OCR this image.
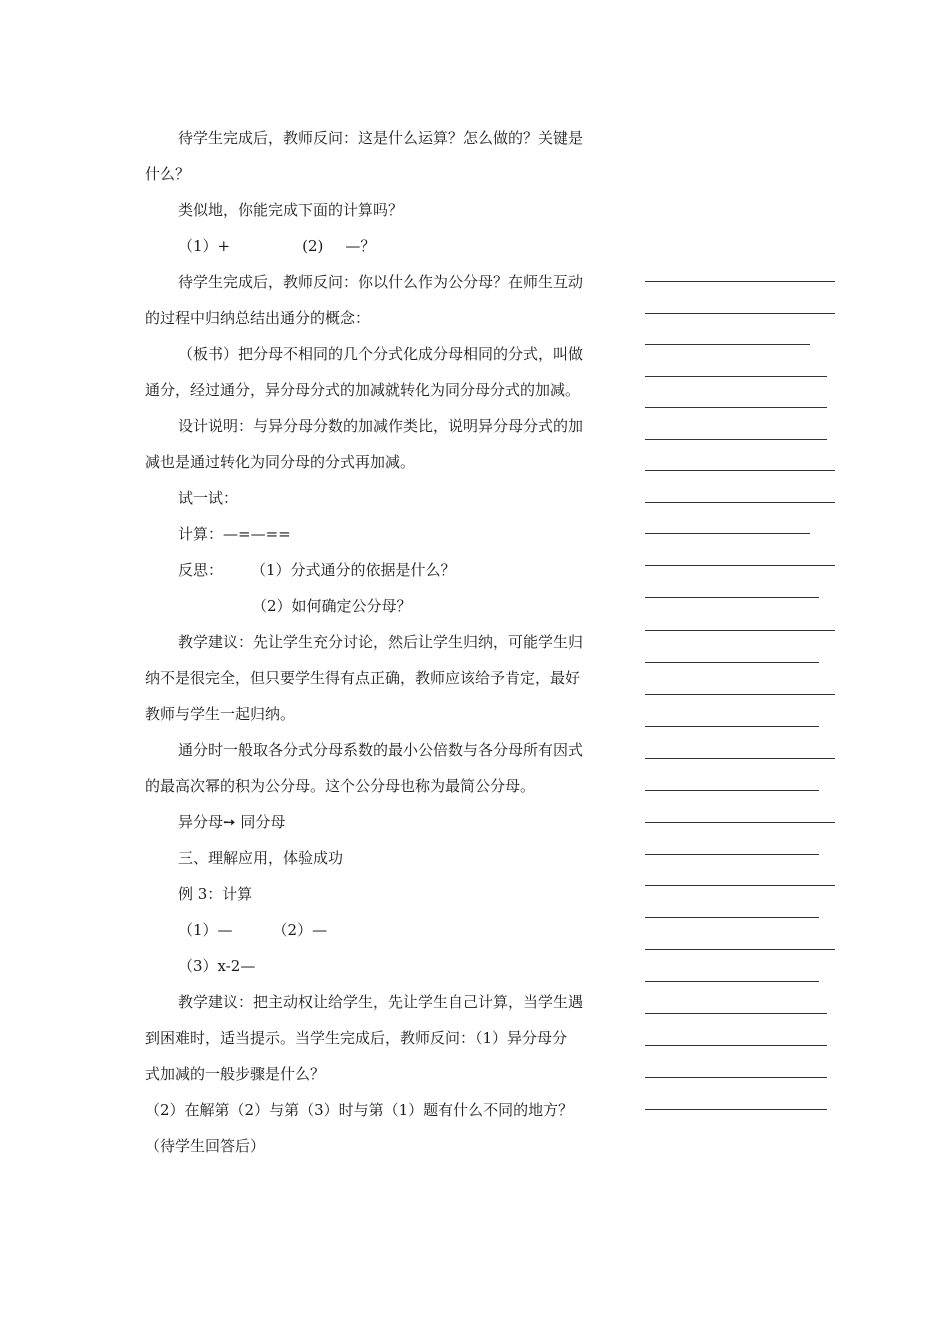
待学生完成后，教师反问：这是什么运算？怎么做的？关键是
什么？
类似地，你能完成下面的计算吗？
（1）+	(2) —？
待学生完成后，教师反问：你以什么作为公分母？在师生互动
的过程中归纳总结出通分的概念：
（板书）把分母不相同的几个分式化成分母相同的分式，叫做
通分，经过通分，异分母分式的加减就转化为同分母分式的加减。
设计说明：与异分母分数的加减作类比，说明异分母分式的加
减也是通过转化为同分母的分式再加减。
试一试：
计算：—=—==
反思： （1）分式通分的依据是什么？
（2）如何确定公分母？
教学建议：先让学生充分讨论，然后让学生归纳，可能学生归
纳不是很完全，但只要学生得有点正确，教师应该给予肯定，最好
教师与学生一起归纳。
通分时一般取各分式分母系数的最小公倍数与各分母所有因式
的最高次幂的积为公分母。这个公分母也称为最简公分母。
异分母➙ 同分母
三、理解应用，体验成功
例 3：计算
（1）—	（2）—
（3）x-2—
教学建议：把主动权让给学生，先让学生自己计算，当学生遇
到困难时，适当提示。当学生完成后，教师反问：（1）异分母分
式加减的一般步骤是什么？
（2）在解第（2）与第（3）时与第（1）题有什么不同的地方？
（待学生回答后）
